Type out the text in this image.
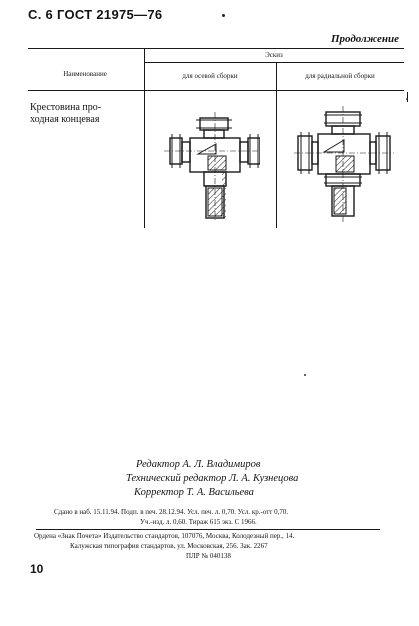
С. 6 ГОСТ 21975—76
Продолжение
Наименование
Эскиз
для осевой сборки	для радиальной сборки
Крестовина про-
ходная концевая
Редактор А. Л. Владимиров
Технический редактор Л. А. Кузнецова
Корректор Т. А. Васильева
Сдано в наб. 15.11.94. Подп. в печ. 28.12.94. Усл. печ. л. 0,70. Усл. кр.-отт 0,70.
Уч.-изд. л. 0,60. Тираж 615 экз. С 1966.
Ордена «Знак Почета» Издательство стандартов, 107076, Москва, Колодезный пер., 14.
Калужская типография стандартов, ул. Московская, 256. Зак. 2267
ПЛР № 040138
10
